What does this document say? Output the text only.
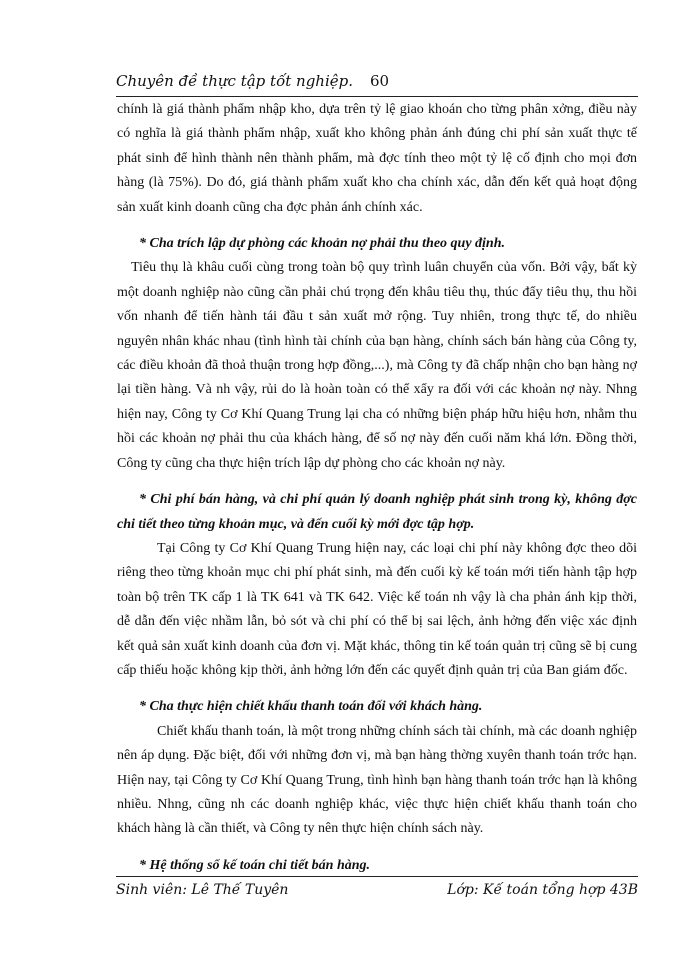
Chuyên đề thực tập tốt nghiệp. 60

chính là giá thành phẩm nhập kho, dựa trên tỷ lệ giao khoán cho từng phân xởng, điều này có nghĩa là giá thành phẩm nhập, xuất kho không phản ánh đúng chi phí sản xuất thực tế phát sinh để hình thành nên thành phẩm, mà đợc tính theo một tỷ lệ cố định cho mọi đơn hàng (là 75%). Do đó, giá thành phẩm xuất kho cha chính xác, dẫn đến kết quả hoạt động sản xuất kinh doanh cũng cha đợc phản ánh chính xác.

* Cha trích lập dự phòng các khoản nợ phải thu theo quy định.

Tiêu thụ là khâu cuối cùng trong toàn bộ quy trình luân chuyển của vốn. Bởi vậy, bất kỳ một doanh nghiệp nào cũng cần phải chú trọng đến khâu tiêu thụ, thúc đẩy tiêu thụ, thu hồi vốn nhanh để tiến hành tái đầu t sản xuất mở rộng. Tuy nhiên, trong thực tế, do nhiều nguyên nhân khác nhau (tình hình tài chính của bạn hàng, chính sách bán hàng của Công ty, các điều khoản đã thoả thuận trong hợp đồng,...), mà Công ty đã chấp nhận cho bạn hàng nợ lại tiền hàng. Và nh vậy, rủi do là hoàn toàn có thể xẩy ra đối với các khoản nợ này. Nhng hiện nay, Công ty Cơ Khí Quang Trung lại cha có những biện pháp hữu hiệu hơn, nhằm thu hồi các khoản nợ phải thu của khách hàng, để số nợ này đến cuối năm khá lớn. Đồng thời, Công ty cũng cha thực hiện trích lập dự phòng cho các khoản nợ này.

* Chi phí bán hàng, và chi phí quản lý doanh nghiệp phát sinh trong kỳ, không đợc chi tiết theo từng khoản mục, và đến cuối kỳ mới đợc tập hợp.

Tại Công ty Cơ Khí Quang Trung hiện nay, các loại chi phí này không đợc theo dõi riêng theo từng khoản mục chi phí phát sinh, mà đến cuối kỳ kế toán mới tiến hành tập hợp toàn bộ trên TK cấp 1 là TK 641 và TK 642. Việc kế toán nh vậy là cha phản ánh kịp thời, dễ dẫn đến việc nhầm lẫn, bỏ sót và chi phí có thể bị sai lệch, ảnh hởng đến việc xác định kết quả sản xuất kinh doanh của đơn vị. Mặt khác, thông tin kế toán quản trị cũng sẽ bị cung cấp thiếu hoặc không kịp thời, ảnh hởng lớn đến các quyết định quản trị của Ban giám đốc.

* Cha thực hiện chiết khấu thanh toán đối với khách hàng.

Chiết khấu thanh toán, là một trong những chính sách tài chính, mà các doanh nghiệp nên áp dụng. Đặc biệt, đối với những đơn vị, mà bạn hàng thờng xuyên thanh toán trớc hạn. Hiện nay, tại Công ty Cơ Khí Quang Trung, tình hình bạn hàng thanh toán trớc hạn là không nhiều. Nhng, cũng nh các doanh nghiệp khác, việc thực hiện chiết khấu thanh toán cho khách hàng là cần thiết, và Công ty nên thực hiện chính sách này.

* Hệ thống sổ kế toán chi tiết bán hàng.

Sinh viên: Lê Thế Tuyên	Lớp: Kế toán tổng hợp 43B
